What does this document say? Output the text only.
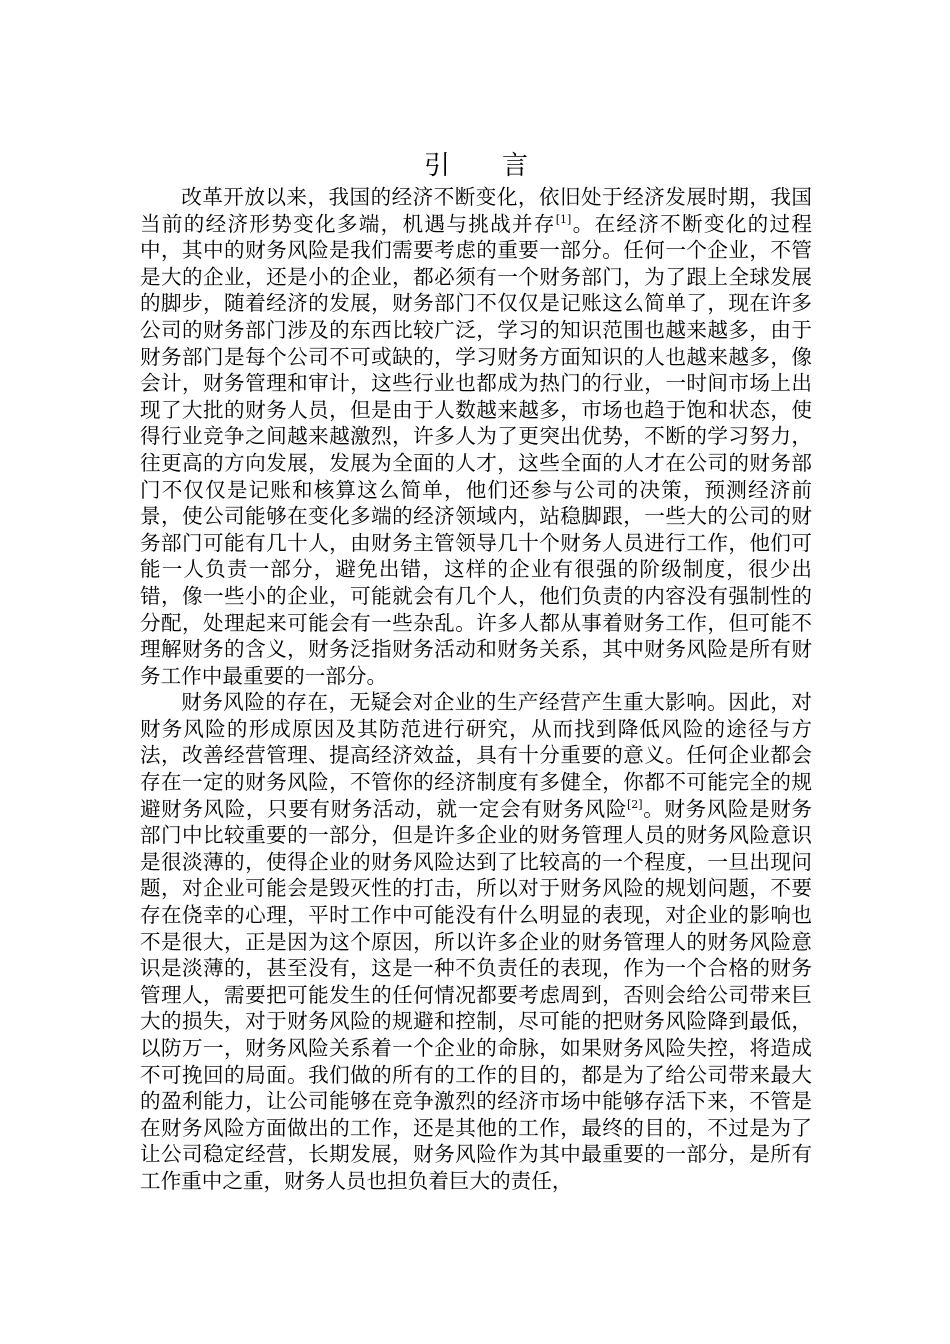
引 言

改革开放以来，我国的经济不断变化，依旧处于经济发展时期，我国当前的经济形势变化多端，机遇与挑战并存[1]。在经济不断变化的过程中，其中的财务风险是我们需要考虑的重要一部分。任何一个企业，不管是大的企业，还是小的企业，都必须有一个财务部门，为了跟上全球发展的脚步，随着经济的发展，财务部门不仅仅是记账这么简单了，现在许多公司的财务部门涉及的东西比较广泛，学习的知识范围也越来越多，由于财务部门是每个公司不可或缺的，学习财务方面知识的人也越来越多，像会计，财务管理和审计，这些行业也都成为热门的行业，一时间市场上出现了大批的财务人员，但是由于人数越来越多，市场也趋于饱和状态，使得行业竞争之间越来越激烈，许多人为了更突出优势，不断的学习努力，往更高的方向发展，发展为全面的人才，这些全面的人才在公司的财务部门不仅仅是记账和核算这么简单，他们还参与公司的决策，预测经济前景，使公司能够在变化多端的经济领域内，站稳脚跟，一些大的公司的财务部门可能有几十人，由财务主管领导几十个财务人员进行工作，他们可能一人负责一部分，避免出错，这样的企业有很强的阶级制度，很少出错，像一些小的企业，可能就会有几个人，他们负责的内容没有强制性的分配，处理起来可能会有一些杂乱。许多人都从事着财务工作，但可能不理解财务的含义，财务泛指财务活动和财务关系，其中财务风险是所有财务工作中最重要的一部分。

财务风险的存在，无疑会对企业的生产经营产生重大影响。因此，对财务风险的形成原因及其防范进行研究，从而找到降低风险的途径与方法，改善经营管理、提高经济效益，具有十分重要的意义。任何企业都会存在一定的财务风险，不管你的经济制度有多健全，你都不可能完全的规避财务风险，只要有财务活动，就一定会有财务风险[2]。财务风险是财务部门中比较重要的一部分，但是许多企业的财务管理人员的财务风险意识是很淡薄的，使得企业的财务风险达到了比较高的一个程度，一旦出现问题，对企业可能会是毁灭性的打击，所以对于财务风险的规划问题，不要存在侥幸的心理，平时工作中可能没有什么明显的表现，对企业的影响也不是很大，正是因为这个原因，所以许多企业的财务管理人的财务风险意识是淡薄的，甚至没有，这是一种不负责任的表现，作为一个合格的财务管理人，需要把可能发生的任何情况都要考虑周到，否则会给公司带来巨大的损失，对于财务风险的规避和控制，尽可能的把财务风险降到最低，以防万一，财务风险关系着一个企业的命脉，如果财务风险失控，将造成不可挽回的局面。我们做的所有的工作的目的，都是为了给公司带来最大的盈利能力，让公司能够在竞争激烈的经济市场中能够存活下来，不管是在财务风险方面做出的工作，还是其他的工作，最终的目的，不过是为了让公司稳定经营，长期发展，财务风险作为其中最重要的一部分，是所有工作重中之重，财务人员也担负着巨大的责任，
